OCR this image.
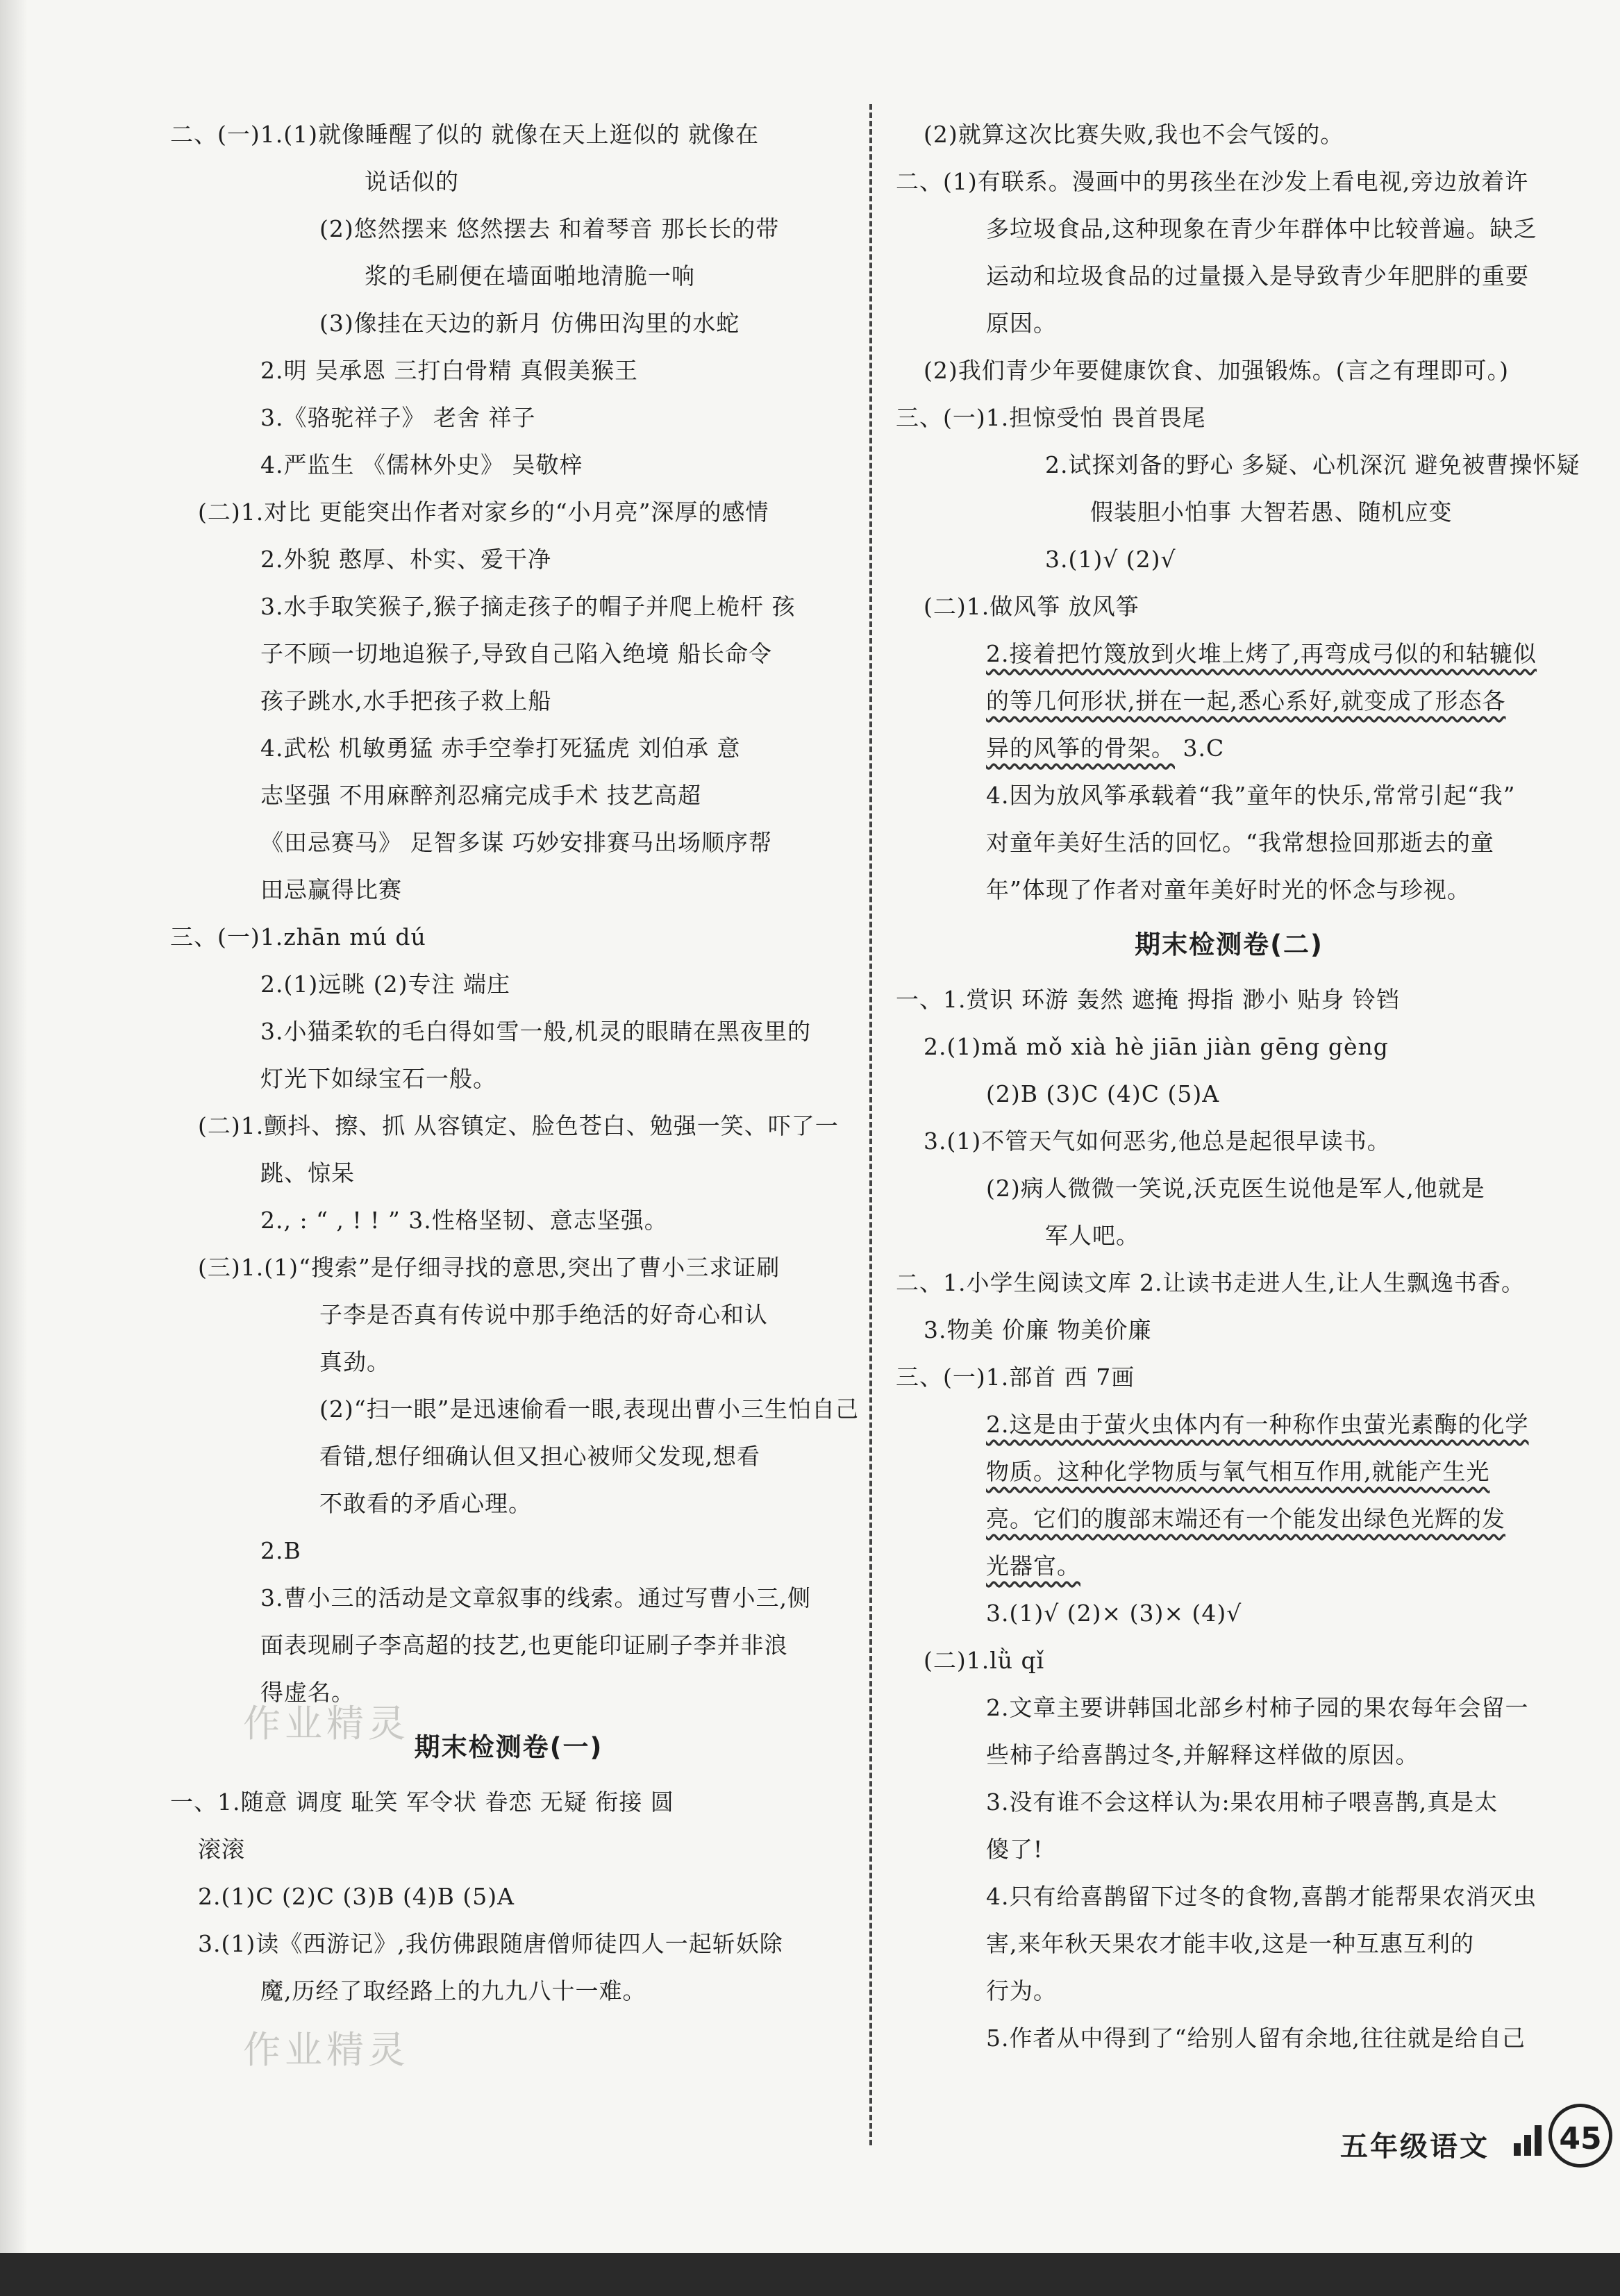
作业精灵
作业精灵
二、(一)1.(1)就像睡醒了似的 就像在天上逛似的 就像在
说话似的
(2)悠然摆来 悠然摆去 和着琴音 那长长的带
浆的毛刷便在墙面啪地清脆一响
(3)像挂在天边的新月 仿佛田沟里的水蛇
2.明 吴承恩 三打白骨精 真假美猴王
3.《骆驼祥子》 老舍 祥子
4.严监生 《儒林外史》 吴敬梓
(二)1.对比 更能突出作者对家乡的“小月亮”深厚的感情
2.外貌 憨厚、朴实、爱干净
3.水手取笑猴子,猴子摘走孩子的帽子并爬上桅杆 孩
子不顾一切地追猴子,导致自己陷入绝境 船长命令
孩子跳水,水手把孩子救上船
4.武松 机敏勇猛 赤手空拳打死猛虎 刘伯承 意
志坚强 不用麻醉剂忍痛完成手术 技艺高超
《田忌赛马》 足智多谋 巧妙安排赛马出场顺序帮
田忌赢得比赛
三、(一)1.zhān mú dú
2.(1)远眺 (2)专注 端庄
3.小猫柔软的毛白得如雪一般,机灵的眼睛在黑夜里的
灯光下如绿宝石一般。
(二)1.颤抖、擦、抓 从容镇定、脸色苍白、勉强一笑、吓了一
跳、惊呆
2., : “ , ! ! ” 3.性格坚韧、意志坚强。
(三)1.(1)“搜索”是仔细寻找的意思,突出了曹小三求证刷
子李是否真有传说中那手绝活的好奇心和认
真劲。
(2)“扫一眼”是迅速偷看一眼,表现出曹小三生怕自己
看错,想仔细确认但又担心被师父发现,想看
不敢看的矛盾心理。
2.B
3.曹小三的活动是文章叙事的线索。通过写曹小三,侧
面表现刷子李高超的技艺,也更能印证刷子李并非浪
得虚名。
期末检测卷(一)
一、1.随意 调度 耻笑 军令状 眷恋 无疑 衔接 圆
滚滚
2.(1)C (2)C (3)B (4)B (5)A
3.(1)读《西游记》,我仿佛跟随唐僧师徒四人一起斩妖除
魔,历经了取经路上的九九八十一难。
(2)就算这次比赛失败,我也不会气馁的。
二、(1)有联系。漫画中的男孩坐在沙发上看电视,旁边放着许
多垃圾食品,这种现象在青少年群体中比较普遍。缺乏
运动和垃圾食品的过量摄入是导致青少年肥胖的重要
原因。
(2)我们青少年要健康饮食、加强锻炼。(言之有理即可。)
三、(一)1.担惊受怕 畏首畏尾
2.试探刘备的野心 多疑、心机深沉 避免被曹操怀疑
假装胆小怕事 大智若愚、随机应变
3.(1)√ (2)√
(二)1.做风筝 放风筝
2.接着把竹篾放到火堆上烤了,再弯成弓似的和轱辘似
的等几何形状,拼在一起,悉心系好,就变成了形态各
异的风筝的骨架。 3.C
4.因为放风筝承载着“我”童年的快乐,常常引起“我”
对童年美好生活的回忆。“我常想捡回那逝去的童
年”体现了作者对童年美好时光的怀念与珍视。
期末检测卷(二)
一、1.赏识 环游 轰然 遮掩 拇指 渺小 贴身 铃铛
2.(1)mǎ mǒ xià hè jiān jiàn gēng gèng
(2)B (3)C (4)C (5)A
3.(1)不管天气如何恶劣,他总是起很早读书。
(2)病人微微一笑说,沃克医生说他是军人,他就是
军人吧。
二、1.小学生阅读文库 2.让读书走进人生,让人生飘逸书香。
3.物美 价廉 物美价廉
三、(一)1.部首 西 7画
2.这是由于萤火虫体内有一种称作虫萤光素酶的化学
物质。这种化学物质与氧气相互作用,就能产生光
亮。它们的腹部末端还有一个能发出绿色光辉的发
光器官。
3.(1)√ (2)× (3)× (4)√
(二)1.lǜ qǐ
2.文章主要讲韩国北部乡村柿子园的果农每年会留一
些柿子给喜鹊过冬,并解释这样做的原因。
3.没有谁不会这样认为:果农用柿子喂喜鹊,真是太
傻了!
4.只有给喜鹊留下过冬的食物,喜鹊才能帮果农消灭虫
害,来年秋天果农才能丰收,这是一种互惠互利的
行为。
5.作者从中得到了“给别人留有余地,往往就是给自己
五年级语文	45
